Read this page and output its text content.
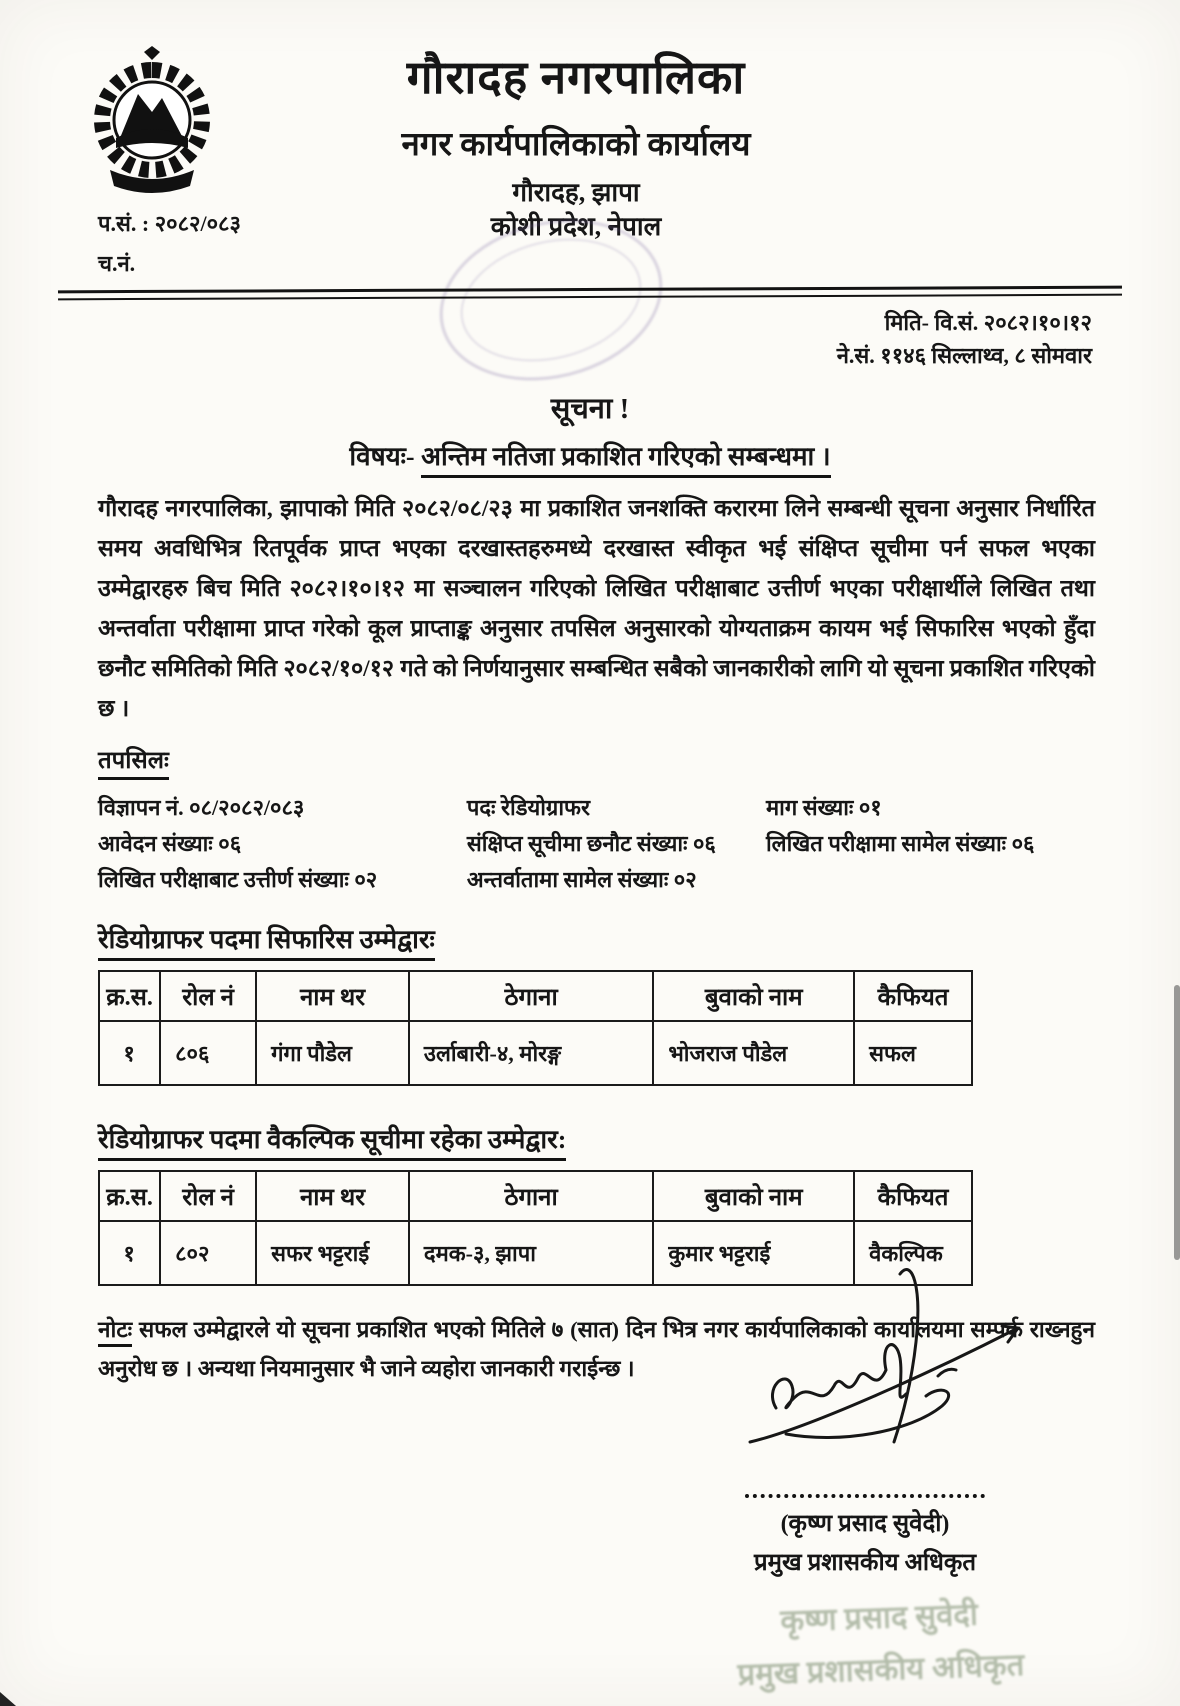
गौरादह नगरपालिका
नगर कार्यपालिकाको कार्यालय
गौरादह, झापा
कोशी प्रदेश, नेपाल
प.सं. : २०८२/०८३
च.नं.
मिति- वि.सं. २०८२।१०।१२
ने.सं. ११४६ सिल्लाथ्व, ८ सोमवार
सूचना !
विषयः- अन्तिम नतिजा प्रकाशित गरिएको सम्बन्धमा ।
गौरादह नगरपालिका, झापाको मिति २०८२/०८/२३ मा प्रकाशित जनशक्ति करारमा लिने सम्बन्धी सूचना अनुसार निर्धारित समय अवधिभित्र रितपूर्वक प्राप्त भएका दरखास्तहरुमध्ये दरखास्त स्वीकृत भई संक्षिप्त सूचीमा पर्न सफल भएका उम्मेद्वारहरु बिच मिति २०८२।१०।१२ मा सञ्चालन गरिएको लिखित परीक्षाबाट उत्तीर्ण भएका परीक्षार्थीले लिखित तथा अन्तर्वाता परीक्षामा प्राप्त गरेको कूल प्राप्ताङ्क अनुसार तपसिल अनुसारको योग्यताक्रम कायम भई सिफारिस भएको हुँदा छनौट समितिको मिति २०८२/१०/१२ गते को निर्णयानुसार सम्बन्धित सबैको जानकारीको लागि यो सूचना प्रकाशित गरिएको छ ।
तपसिलः
विज्ञापन नं. ०८/२०८२/०८३	पदः रेडियोग्राफर	माग संख्याः ०१
आवेदन संख्याः ०६	संक्षिप्त सूचीमा छनौट संख्याः ०६	लिखित परीक्षामा सामेल संख्याः ०६
लिखित परीक्षाबाट उत्तीर्ण संख्याः ०२	अन्तर्वातामा सामेल संख्याः ०२
रेडियोग्राफर पदमा सिफारिस उम्मेद्वारः
क्र.स.	रोल नं	नाम थर	ठेगाना	बुवाको नाम	कैफियत
१	८०६	गंगा पौडेल	उर्लाबारी-४, मोरङ्ग	भोजराज पौडेल	सफल
रेडियोग्राफर पदमा वैकल्पिक सूचीमा रहेका उम्मेद्वार:
क्र.स.	रोल नं	नाम थर	ठेगाना	बुवाको नाम	कैफियत
१	८०२	सफर भट्टराई	दमक-३, झापा	कुमार भट्टराई	वैकल्पिक
नोटः सफल उम्मेद्वारले यो सूचना प्रकाशित भएको मितिले ७ (सात) दिन भित्र नगर कार्यपालिकाको कार्यालयमा सम्पर्क राख्नहुन अनुरोध छ । अन्यथा नियमानुसार भै जाने व्यहोरा जानकारी गराईन्छ ।
(कृष्ण प्रसाद सुवेदी)
प्रमुख प्रशासकीय अधिकृत
कृष्ण प्रसाद सुवेदी
प्रमुख प्रशासकीय अधिकृत
